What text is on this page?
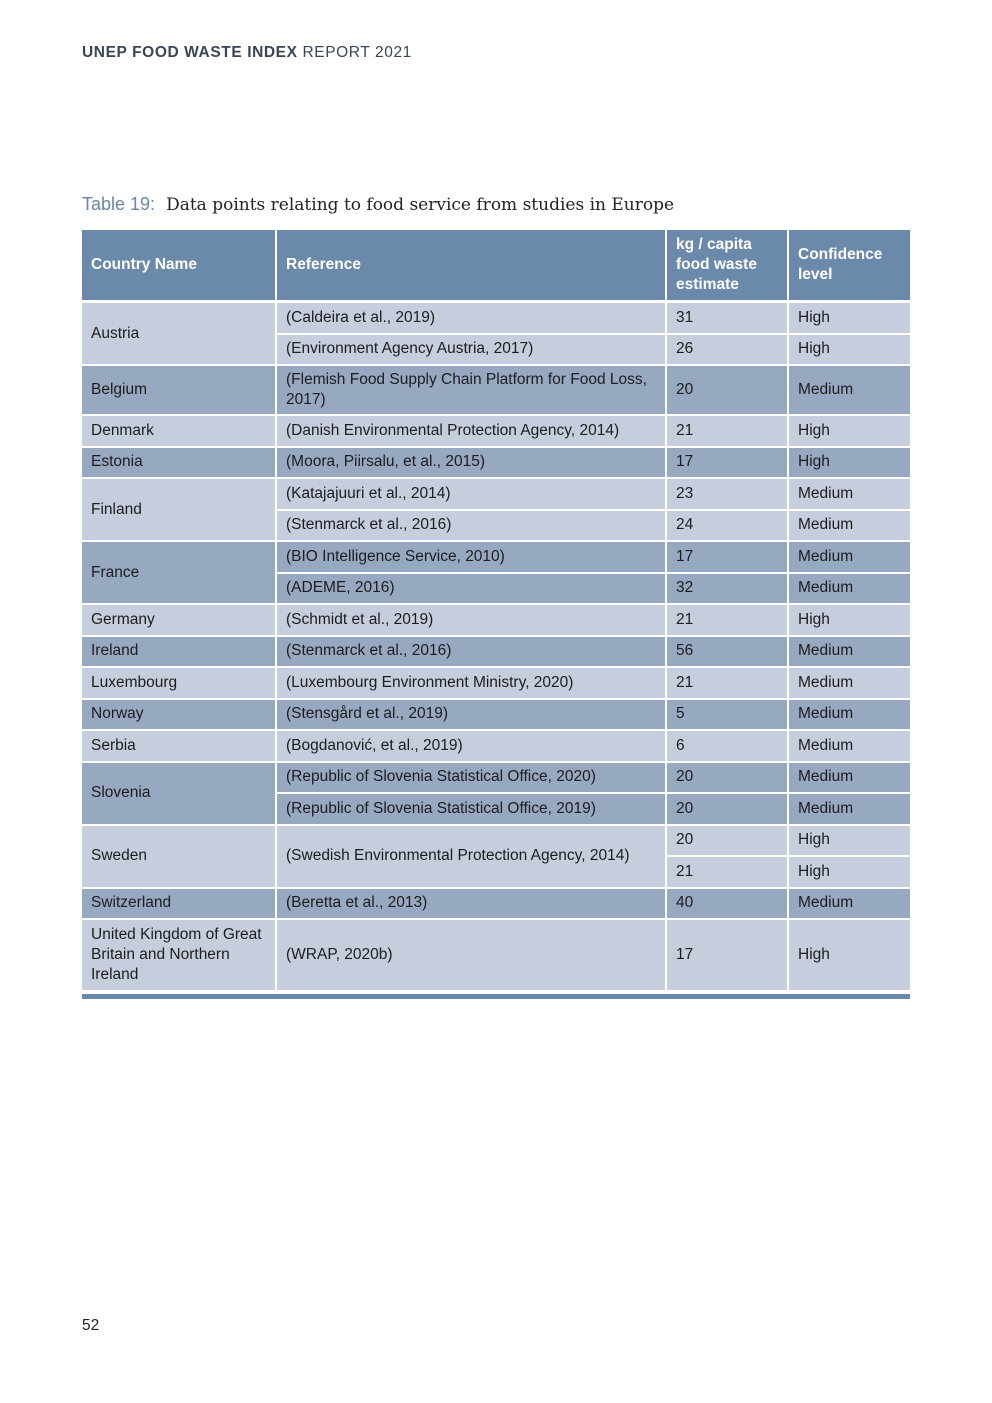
UNEP FOOD WASTE INDEX REPORT 2021
Table 19: Data points relating to food service from studies in Europe
Country Name	Reference	kg / capita food waste estimate	Confidence level
Austria	(Caldeira et al., 2019)	31	High
	(Environment Agency Austria, 2017)	26	High
Belgium	(Flemish Food Supply Chain Platform for Food Loss, 2017)	20	Medium
Denmark	(Danish Environmental Protection Agency, 2014)	21	High
Estonia	(Moora, Piirsalu, et al., 2015)	17	High
Finland	(Katajajuuri et al., 2014)	23	Medium
	(Stenmarck et al., 2016)	24	Medium
France	(BIO Intelligence Service, 2010)	17	Medium
	(ADEME, 2016)	32	Medium
Germany	(Schmidt et al., 2019)	21	High
Ireland	(Stenmarck et al., 2016)	56	Medium
Luxembourg	(Luxembourg Environment Ministry, 2020)	21	Medium
Norway	(Stensgård et al., 2019)	5	Medium
Serbia	(Bogdanović, et al., 2019)	6	Medium
Slovenia	(Republic of Slovenia Statistical Office, 2020)	20	Medium
	(Republic of Slovenia Statistical Office, 2019)	20	Medium
Sweden	(Swedish Environmental Protection Agency, 2014)	20	High
		21	High
Switzerland	(Beretta et al., 2013)	40	Medium
United Kingdom of Great Britain and Northern Ireland	(WRAP, 2020b)	17	High
52
